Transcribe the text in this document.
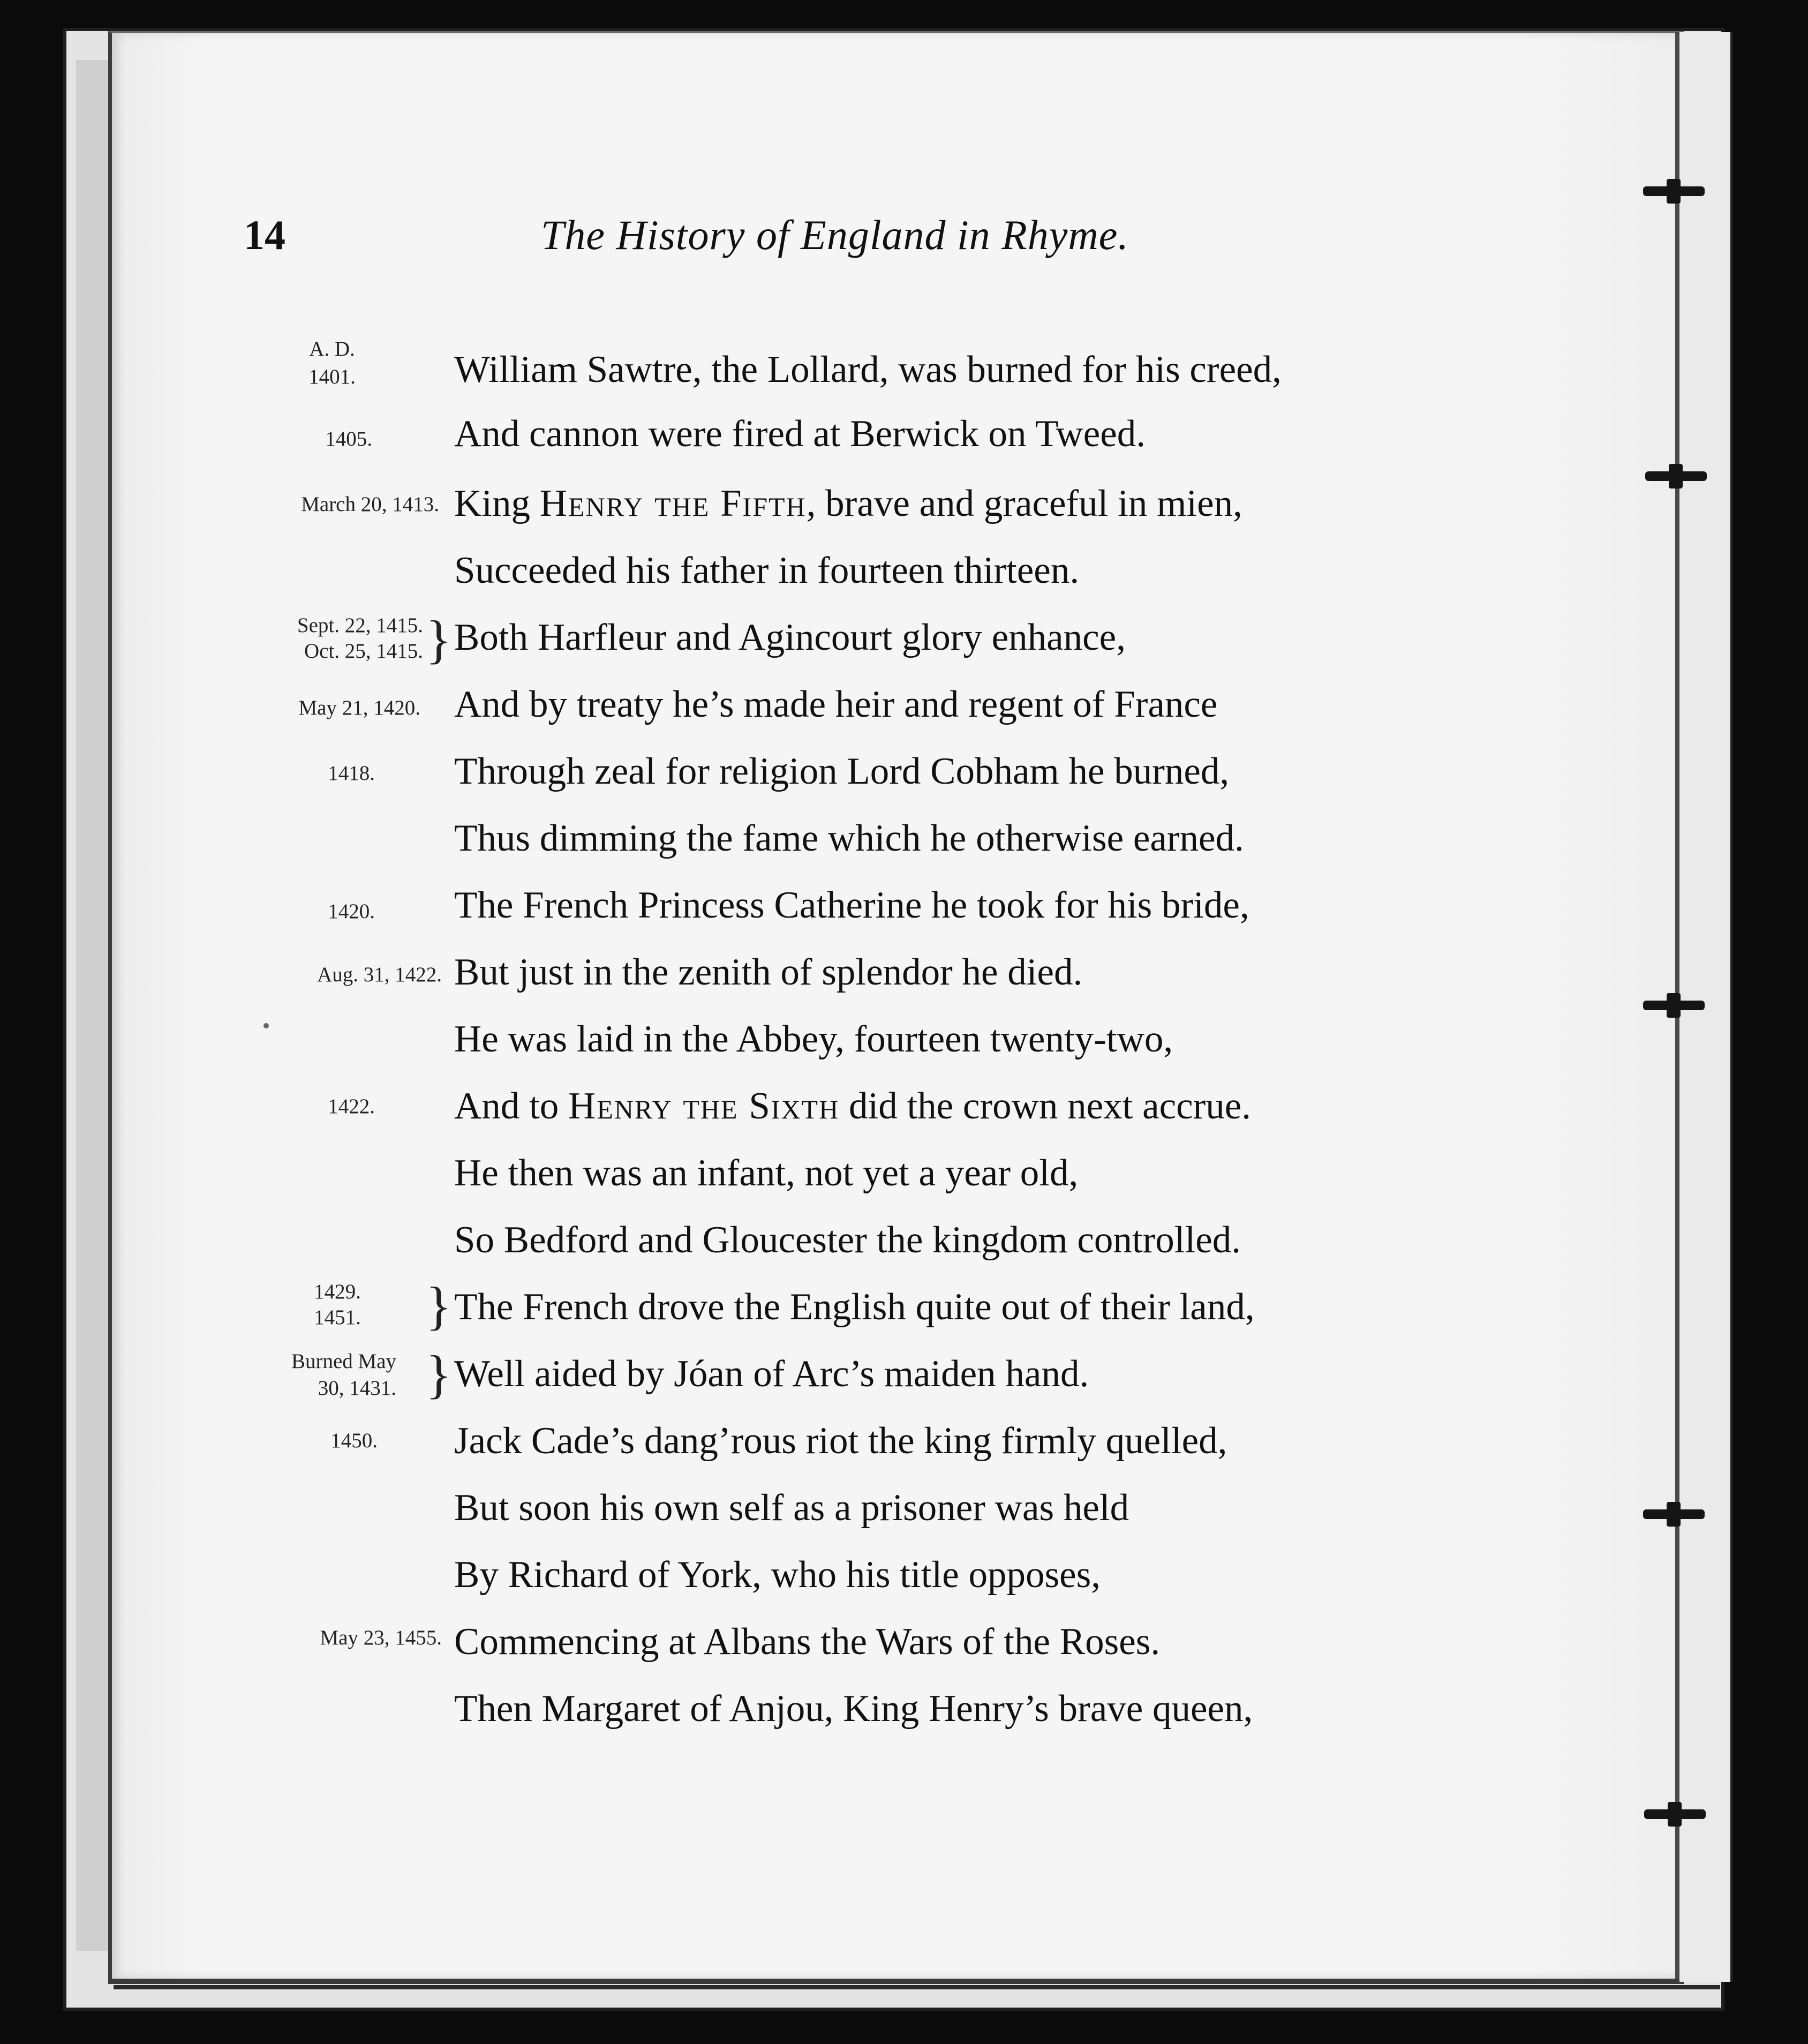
14	The History of England in Rhyme.
A. D.
1401.
1405.
March 20, 1413.
Sept. 22, 1415.
Oct. 25, 1415. }
May 21, 1420.
1418.
1420.
Aug. 31, 1422.
1422.
1429.
1451. }
Burned May
30, 1431. }
1450.
May 23, 1455.
William Sawtre, the Lollard, was burned for his creed,
And cannon were fired at Berwick on Tweed.
King Henry the Fifth, brave and graceful in mien,
Succeeded his father in fourteen thirteen.
Both Harfleur and Agincourt glory enhance,
And by treaty he’s made heir and regent of France
Through zeal for religion Lord Cobham he burned,
Thus dimming the fame which he otherwise earned.
The French Princess Catherine he took for his bride,
But just in the zenith of splendor he died.
He was laid in the Abbey, fourteen twenty-two,
And to Henry the Sixth did the crown next accrue.
He then was an infant, not yet a year old,
So Bedford and Gloucester the kingdom controlled.
The French drove the English quite out of their land,
Well aided by Jóan of Arc’s maiden hand.
Jack Cade’s dang’rous riot the king firmly quelled,
But soon his own self as a prisoner was held
By Richard of York, who his title opposes,
Commencing at Albans the Wars of the Roses.
Then Margaret of Anjou, King Henry’s brave queen,
